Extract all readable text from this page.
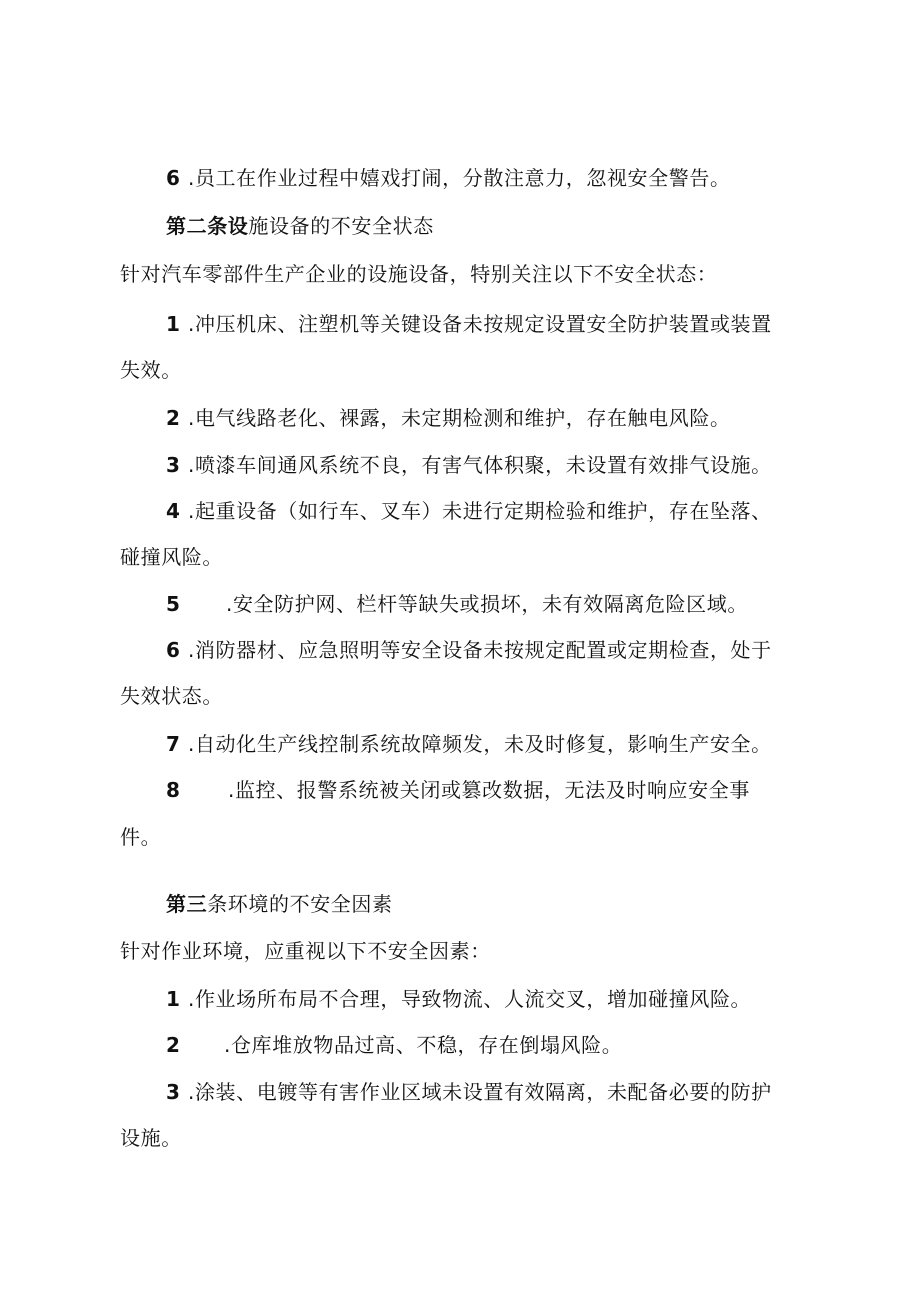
6 .员工在作业过程中嬉戏打闹，分散注意力，忽视安全警告。
第二条设施设备的不安全状态
针对汽车零部件生产企业的设施设备，特别关注以下不安全状态：
1 .冲压机床、注塑机等关键设备未按规定设置安全防护装置或装置
失效。
2 .电气线路老化、裸露，未定期检测和维护，存在触电风险。
3 .喷漆车间通风系统不良，有害气体积聚，未设置有效排气设施。
4 .起重设备（如行车、叉车）未进行定期检验和维护，存在坠落、
碰撞风险。
5 .安全防护网、栏杆等缺失或损坏，未有效隔离危险区域。
6 .消防器材、应急照明等安全设备未按规定配置或定期检查，处于
失效状态。
7 .自动化生产线控制系统故障频发，未及时修复，影响生产安全。
8 .监控、报警系统被关闭或篡改数据，无法及时响应安全事
件。
第三条环境的不安全因素
针对作业环境，应重视以下不安全因素：
1 .作业场所布局不合理，导致物流、人流交叉，增加碰撞风险。
2 .仓库堆放物品过高、不稳，存在倒塌风险。
3 .涂装、电镀等有害作业区域未设置有效隔离，未配备必要的防护
设施。
